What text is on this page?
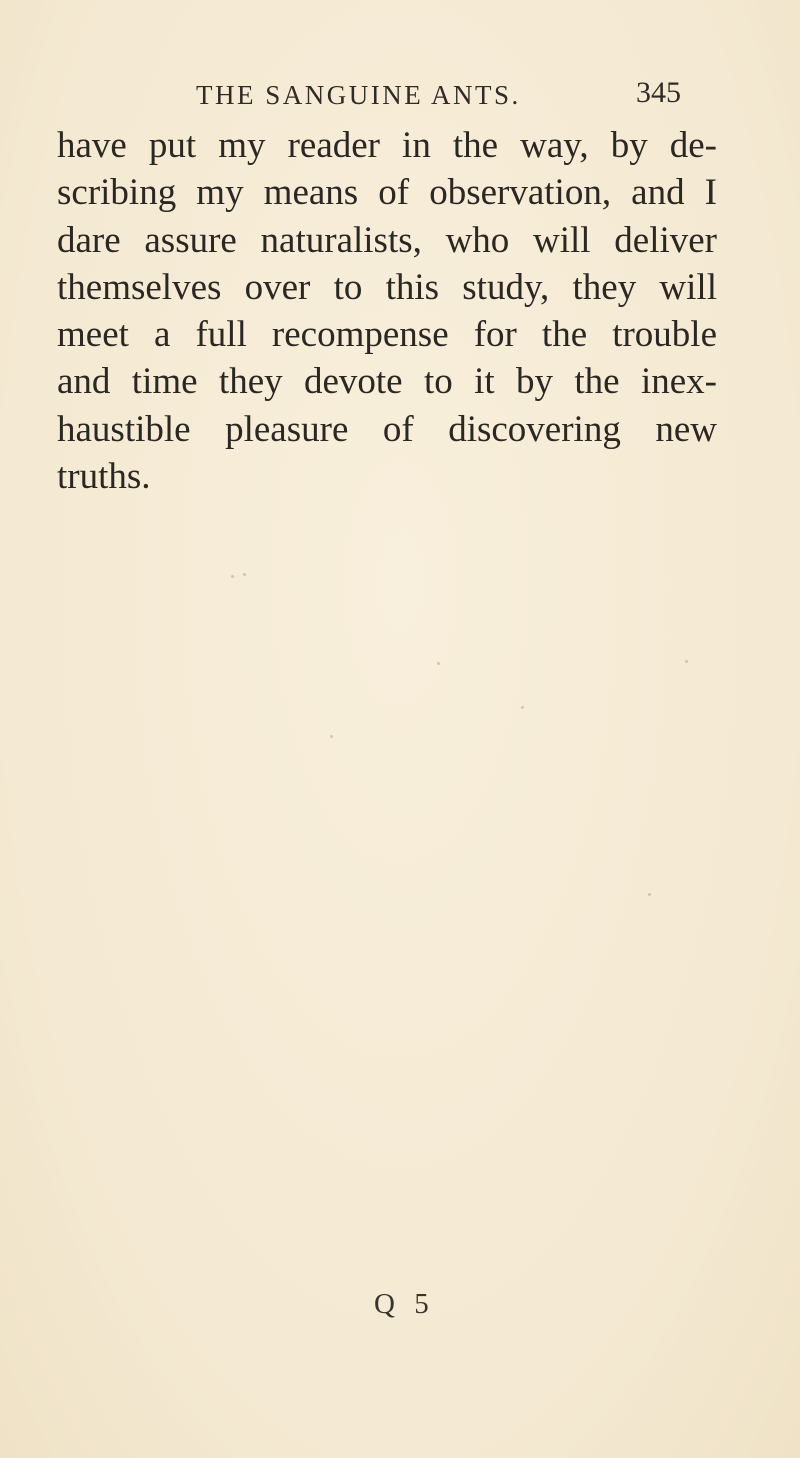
THE SANGUINE ANTS.	345

have put my reader in the way, by de-
scribing my means of observation, and I
dare assure naturalists, who will deliver
themselves over to this study, they will
meet a full recompense for the trouble
and time they devote to it by the inex-
haustible pleasure of discovering new
truths.

Q 5
